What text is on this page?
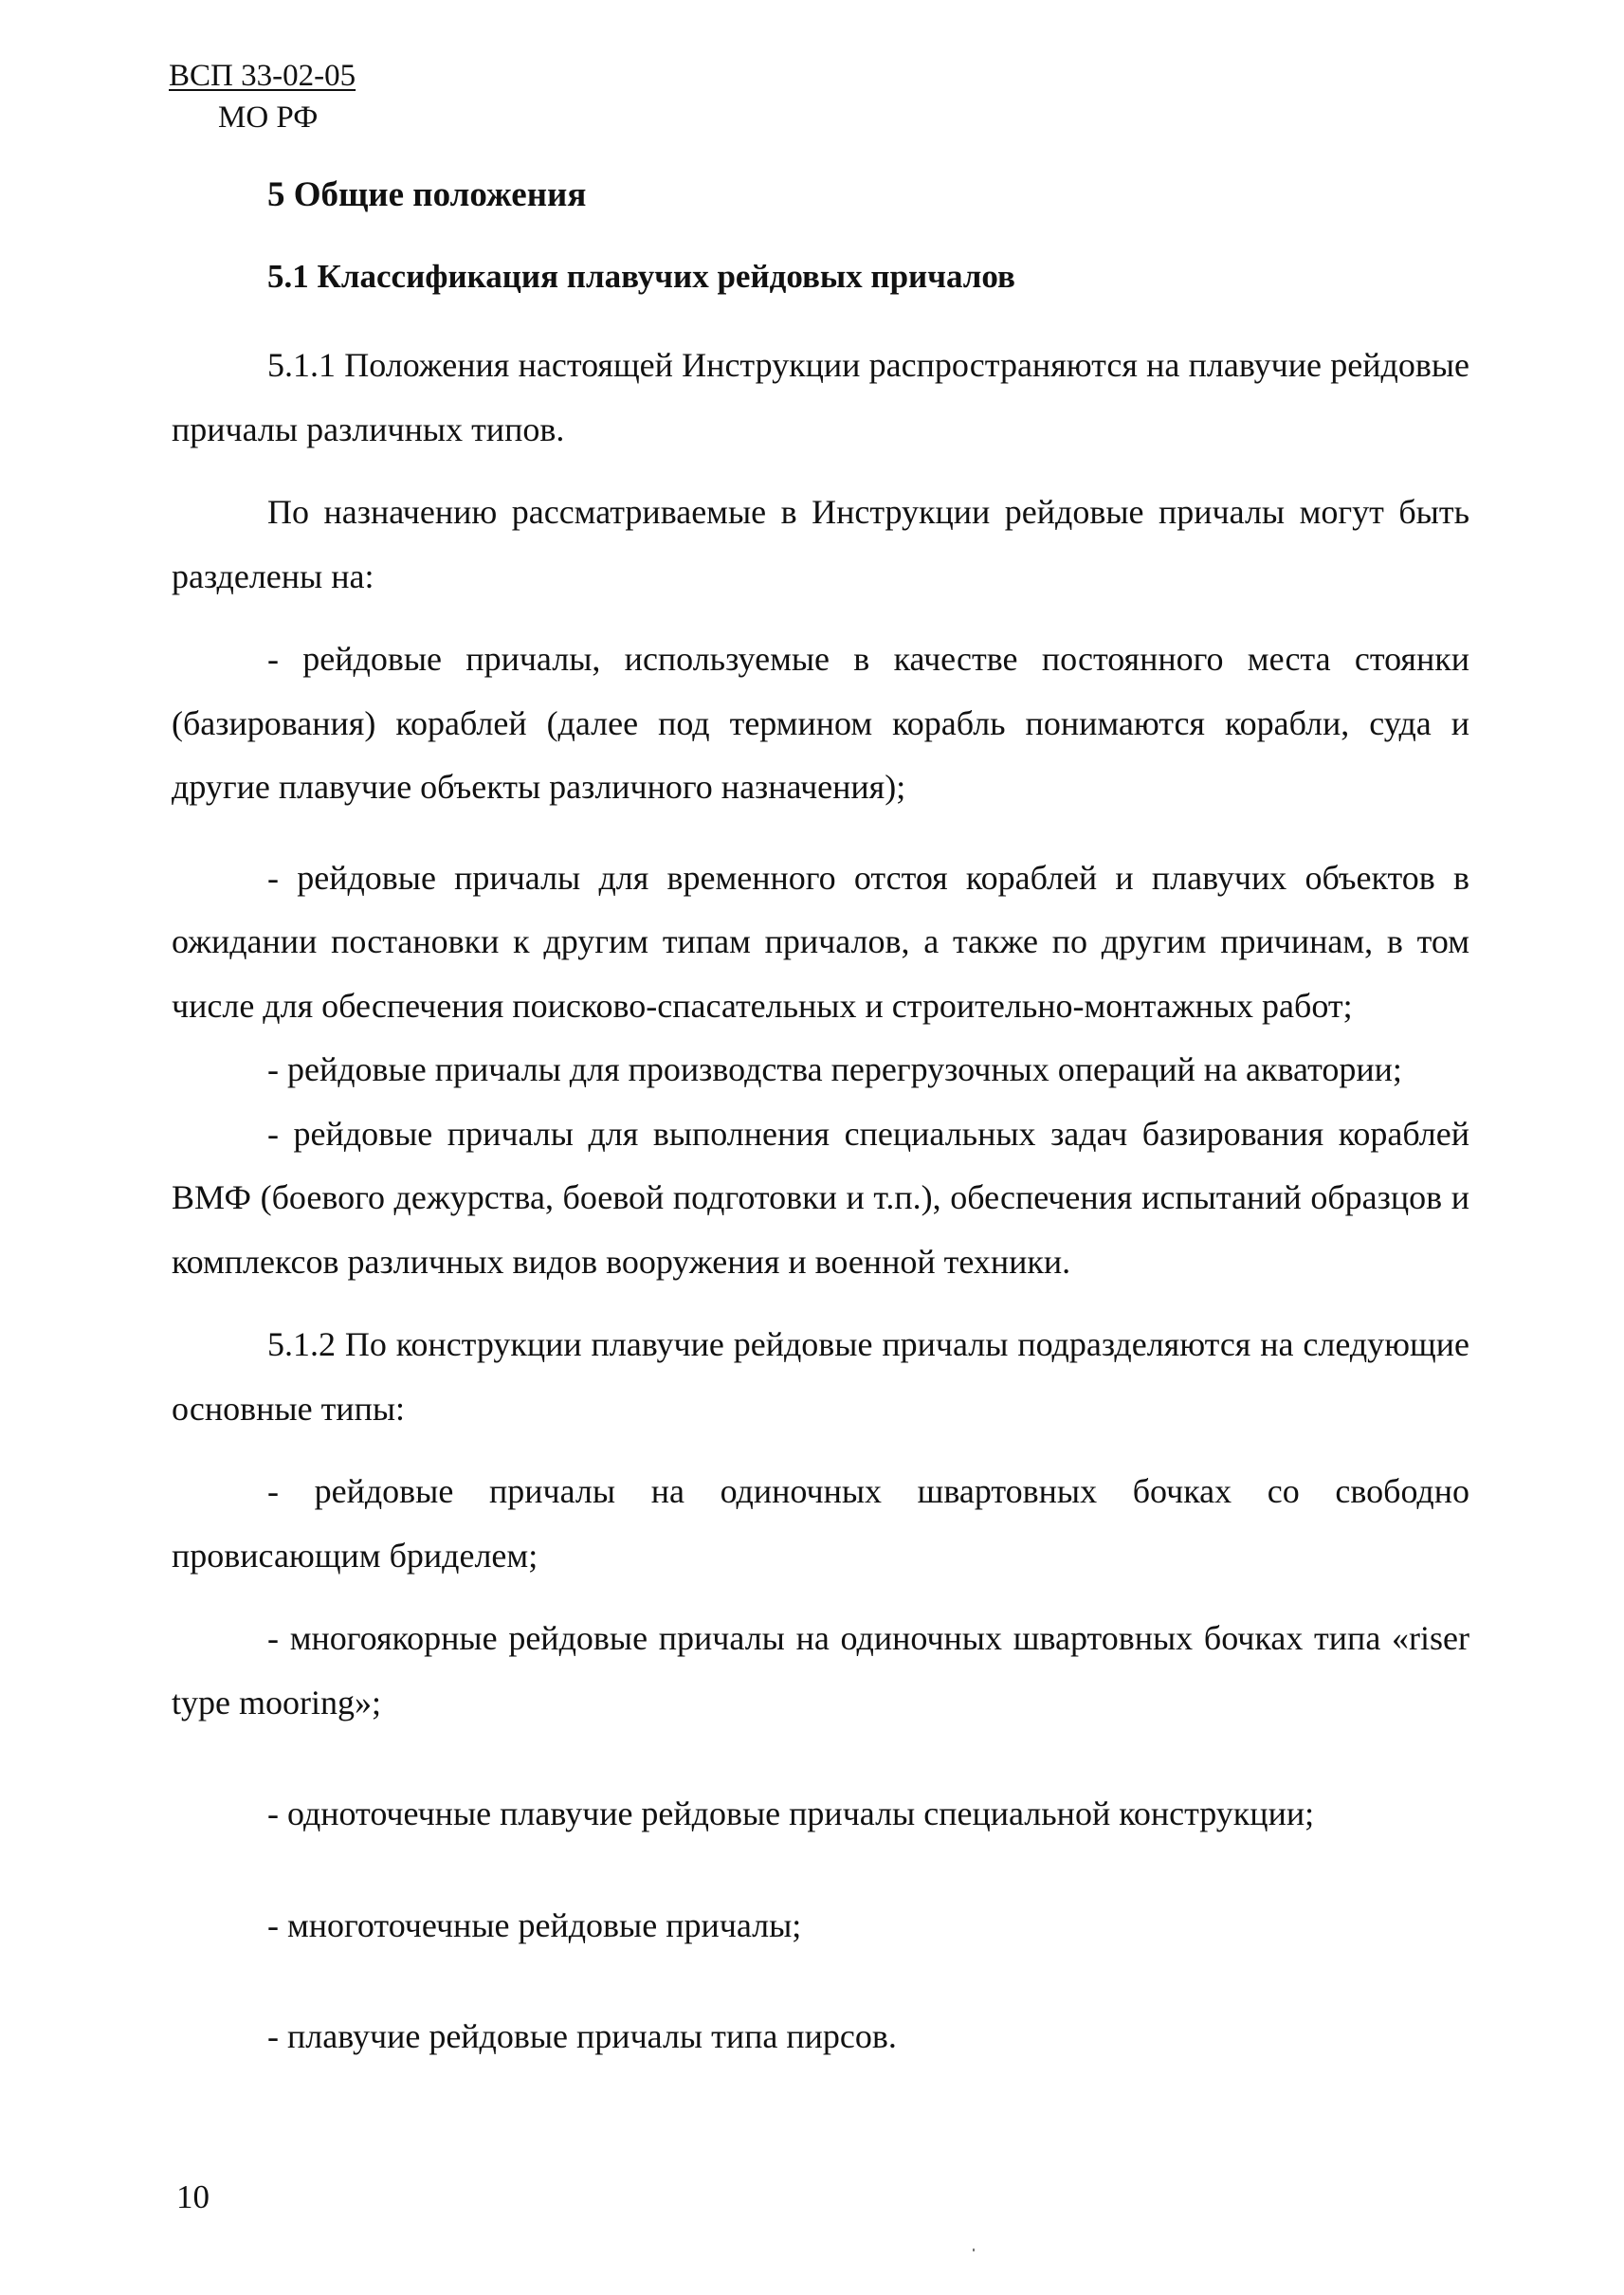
ВСП 33-02-05
МО РФ
5 Общие положения
5.1 Классификация плавучих рейдовых причалов

5.1.1 Положения настоящей Инструкции распространяются на плавучие рейдовые причалы различных типов.

По назначению рассматриваемые в Инструкции рейдовые причалы могут быть разделены на:

- рейдовые причалы, используемые в качестве постоянного места стоянки (базирования) кораблей (далее под термином корабль понимаются корабли, суда и другие плавучие объекты различного назначения);

- рейдовые причалы для временного отстоя кораблей и плавучих объектов в ожидании постановки к другим типам причалов, а также по другим причинам, в том числе для обеспечения поисково-спасательных и строительно-монтажных работ;

- рейдовые причалы для производства перегрузочных операций на акватории;

- рейдовые причалы для выполнения специальных задач базирования кораблей ВМФ (боевого дежурства, боевой подготовки и т.п.), обеспечения испытаний образцов и комплексов различных видов вооружения и военной техники.

5.1.2 По конструкции плавучие рейдовые причалы подразделяются на следующие основные типы:

- рейдовые причалы на одиночных швартовных бочках со свободно провисающим бриделем;

- многоякорные рейдовые причалы на одиночных швартовных бочках типа «riser type mooring»;

- одноточечные плавучие рейдовые причалы специальной конструкции;

- многоточечные рейдовые причалы;

- плавучие рейдовые причалы типа пирсов.

10
